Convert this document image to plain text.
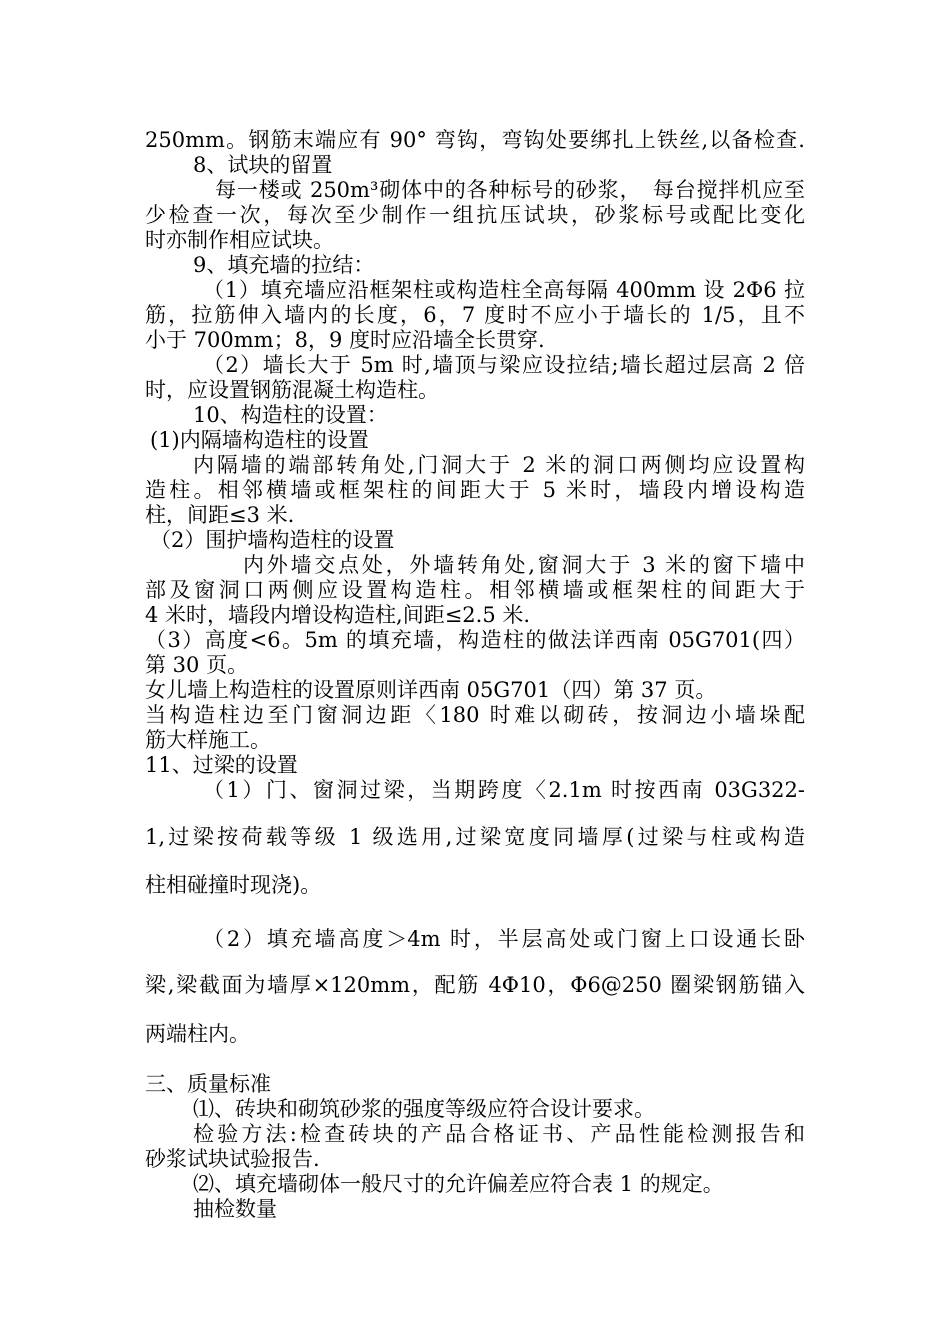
250mm。钢筋末端应有 90° 弯钩，弯钩处要绑扎上铁丝,以备检查.
8、试块的留置
每一楼或 250m³砌体中的各种标号的砂浆，　每台搅拌机应至
少检查一次，每次至少制作一组抗压试块，砂浆标号或配比变化
时亦制作相应试块。
9、填充墙的拉结：
（1）填充墙应沿框架柱或构造柱全高每隔 400mm 设 2Φ6 拉
筋，拉筋伸入墙内的长度，6，7 度时不应小于墙长的 1/5，且不
小于 700mm；8，9 度时应沿墙全长贯穿.
（2）墙长大于 5m 时,墙顶与梁应设拉结;墙长超过层高 2 倍
时，应设置钢筋混凝土构造柱。
10、构造柱的设置：
(1)内隔墙构造柱的设置
内隔墙的端部转角处,门洞大于 2 米的洞口两侧均应设置构
造柱。相邻横墙或框架柱的间距大于 5 米时，墙段内增设构造
柱，间距≤3 米.
（2）围护墙构造柱的设置
内外墙交点处，外墙转角处,窗洞大于 3 米的窗下墙中
部及窗洞口两侧应设置构造柱。相邻横墙或框架柱的间距大于
4 米时，墙段内增设构造柱,间距≤2.5 米.
（3）高度<6。5m 的填充墙，构造柱的做法详西南 05G701(四）
第 30 页。
女儿墙上构造柱的设置原则详西南 05G701（四）第 37 页。
当构造柱边至门窗洞边距〈180 时难以砌砖，按洞边小墙垛配
筋大样施工。
11、过梁的设置
（1）门、窗洞过梁，当期跨度〈2.1m 时按西南 03G322-
1,过梁按荷载等级 1 级选用,过梁宽度同墙厚(过梁与柱或构造
柱相碰撞时现浇)。
（2）填充墙高度＞4m 时，半层高处或门窗上口设通长卧
梁,梁截面为墙厚×120mm，配筋 4Φ10，Φ6@250 圈梁钢筋锚入
两端柱内。
三、质量标准
⑴、砖块和砌筑砂浆的强度等级应符合设计要求。
检验方法:检查砖块的产品合格证书、产品性能检测报告和
砂浆试块试验报告.
⑵、填充墙砌体一般尺寸的允许偏差应符合表 1 的规定。
抽检数量
